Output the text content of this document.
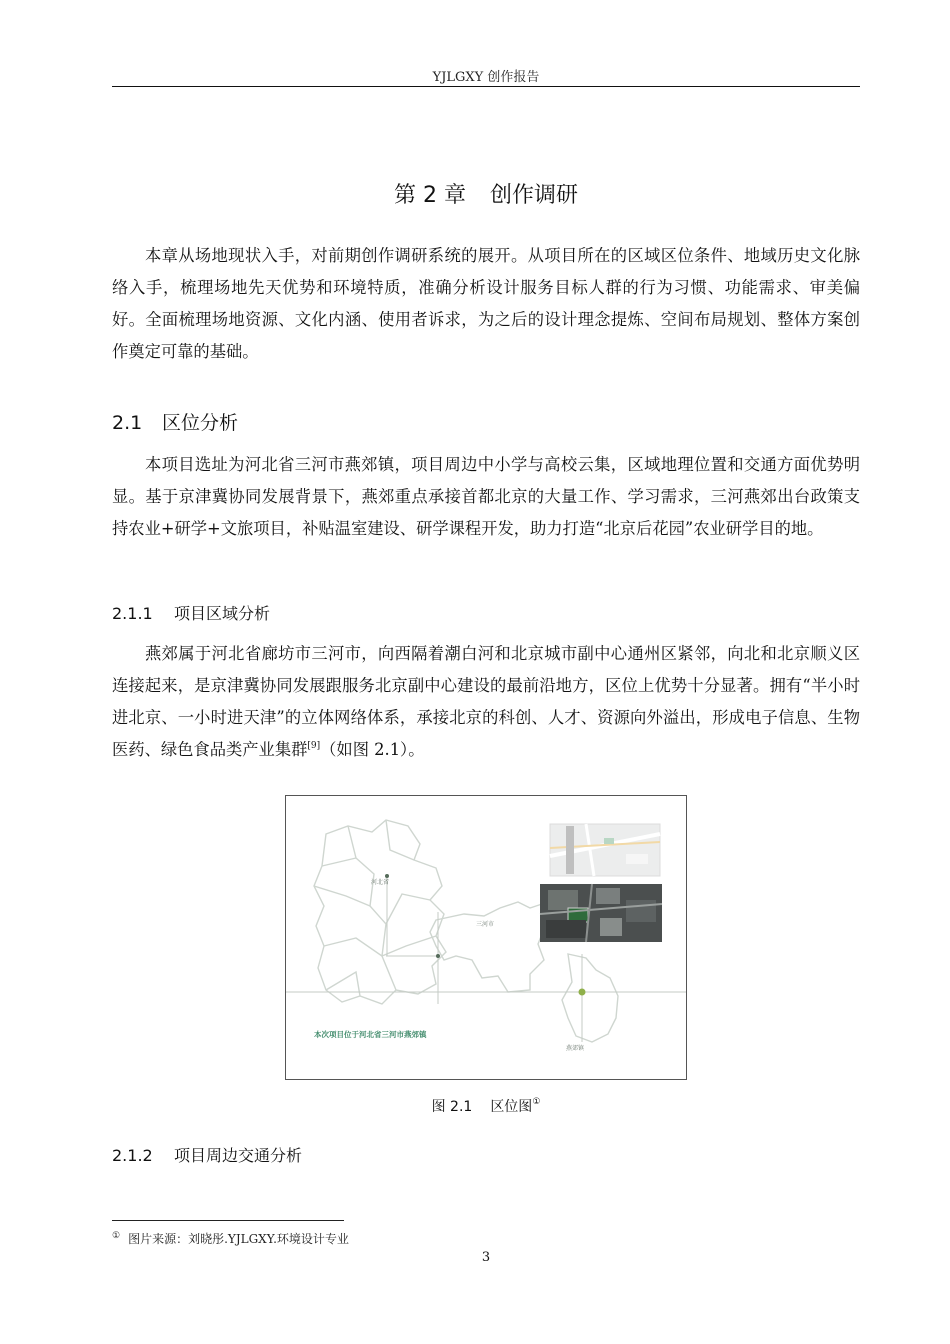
YJLGXY 创作报告
第 2 章 创作调研

本章从场地现状入手，对前期创作调研系统的展开。从项目所在的区域区位条件、地域历史文化脉络入手，梳理场地先天优势和环境特质，准确分析设计服务目标人群的行为习惯、功能需求、审美偏好。全面梳理场地资源、文化内涵、使用者诉求，为之后的设计理念提炼、空间布局规划、整体方案创作奠定可靠的基础。

2.1 区位分析

本项目选址为河北省三河市燕郊镇，项目周边中小学与高校云集，区域地理位置和交通方面优势明显。基于京津冀协同发展背景下，燕郊重点承接首都北京的大量工作、学习需求，三河燕郊出台政策支持农业+研学+文旅项目，补贴温室建设、研学课程开发，助力打造“北京后花园”农业研学目的地。

2.1.1 项目区域分析

燕郊属于河北省廊坊市三河市，向西隔着潮白河和北京城市副中心通州区紧邻，向北和北京顺义区连接起来，是京津冀协同发展跟服务北京副中心建设的最前沿地方，区位上优势十分显著。拥有“半小时进北京、一小时进天津”的立体网络体系，承接北京的科创、人才、资源向外溢出，形成电子信息、生物医药、绿色食品类产业集群[9]（如图 2.1）。

河北省
三河市
燕郊镇
本次项目位于河北省三河市燕郊镇
图 2.1 区位图①
2.1.2 项目周边交通分析
① 图片来源：刘晓彤.YJLGXY.环境设计专业
3
